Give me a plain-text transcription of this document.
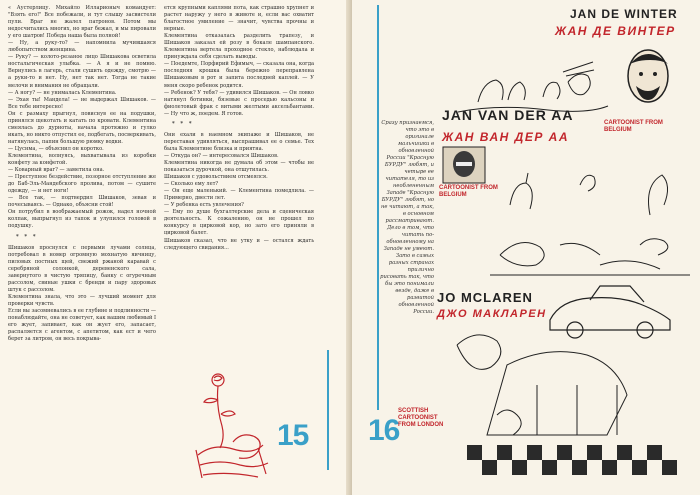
« Аустерлицу. Михайло Илларионыч командует: "Взять его!" Все побежали, и тут слышу засвистели пули. Враг не жалел патронов. Потом мы недосчитались многих, но враг бежал, и мы пировали у его шатров! Победа наша была полной!

— Ну, а руку-то? — напомнила мучившаяся любопытством женщина.

— Руку? — колото-резаное лицо Шишакова осветила ностальгическая улыбка. — А я и не помню. Вернулись в лагерь, стали сушить одежду, смотрю — а руки-то и нет. Ну, нет так нет. Тогда не такие мелочи и внимания не обращали.

— А ногу? — не унималась Клементина.

— Эхая ты! Мандела! — не выдержал Шишаков. — Все тебе интересно!

Он с размаху прыгнул, повиснув ее на подушки, принялся щекотать и катать по кровати. Клементина смеялась до дурноты, начала протяжно и гулко икать, но никто отпустил ее, подбегать, посверкивать, натянулась, папин большую рюмку водки.

— Цуснма, — объяснил он коротко.

Клементина, волнуясь, выхватывала из коробки конфету за конфетой.

— Коварный враг? — заметила она.

— Преступное бездействие, позорное отступление же до Баб-Эль-Мандебского пролива, потом — сушите одежду, — и нет ноги!

— Все так, — подтвердил Шишаков, зевая и почесываясь. — Однако, объясни стой!

Он потрубил в воображаемый рожок, надел ночной колпак, выпрыгнул из тапок и улупился головой в подушку.

* * *

Шишаков проснулся с первыми лучами солнца, потребовал в номер огромную мохнатую яичницу, пиловых постных щей, свежий ржаной каравай с серебряной солонкой, деревенского сала, завернутого в чистую тряпицу, банку с огуречным рассолом, свиные ушки с бренди и пару здоровых штук с рассолом.

Клементина знала, что это — лучший момент для проверки чувств.

Если вы засомневались в ее глубине и подлинности — понаблюдайте, она не советует, как вашим любимый I его жует, запивает, как он жует его, запасает, распаляется с агентом, с апетитом, как ест и чего берет за литром, он весь покрыва-

ется крупными каплями пота, как страшно хрупнет и растет наружу у него в животе и, если вас охватит благостное умиление — значит, чувства прочны и верные.

Клементина отказалась разделить трапезу, и Шишаков заказал ей розу в бокале шампанского. Клементина вертела проходное стекло, наблюдала и принуждала себя сделать выводы.

— Поедемте, Порфирий Ефимыч, — сказала она, когда последняя крошка была бережно переправлена Шишаковым в рот и запита последней каплей. — У меня скоро ребенок родится.

— Ребенок? У тебя? — удивился Шишаков. — Он ловко натянул ботинки, бязевые с проседью кальсоны и фиолетовый фрак с витыми желтыми аксельбантами. — Ну что ж, поедем. Я готов.

* * *

Они ехали в наемном экипаже и Шишаков, не переставая удивляться, выспрашивал ее о семье. Тех была Клементине близка и приятна.

— Откуда он? — интересовался Шишаков.

Клементина никогда не думала об этом — чтобы не показаться дурочкой, она отшутилась.

Шишаков с удовольствием отсмеялся.

— Сколько ему лет?

— Он еще маленький. — Клементина помедлила. — Примерно, двести лет.

— У ребенка есть увлечения?

— Ему по душе бухгалтерские дела и сценическая деятельность. К сожалению, он не прошел по конкурсу в цирковой кор, но зато его приняли в цирковой балет.

Шишаков сказал, что не утку и — остался ждать следующего свидания...

15
Сразу признаемся, что это в оригинале мальчишки в обновленной России "Красную БУРДУ" любят, и четыре ее читателя, то из необлененным Западе "Красную БУРДУ" любят, но не читают, а так, в основном рассматривают. Дело в том, что читать по-обновленному на Западе не умеют. Зато в самых разных странах прилично рисовать так, что бы это понимали везде, даже в развитой обновленной России.
JAN DE WINTER
ЖАН ДЕ ВИНТЕР
CARTOONIST FROM
BELGIUM
JAN VAN DER AA
ЖАН ВАН ДЕР АА
CARTOONIST FROM
BELGIUM
JO MCLAREN
ДЖО МАКЛАРЕН
SCOTTISH
CARTOONIST
FROM LONDON
16
